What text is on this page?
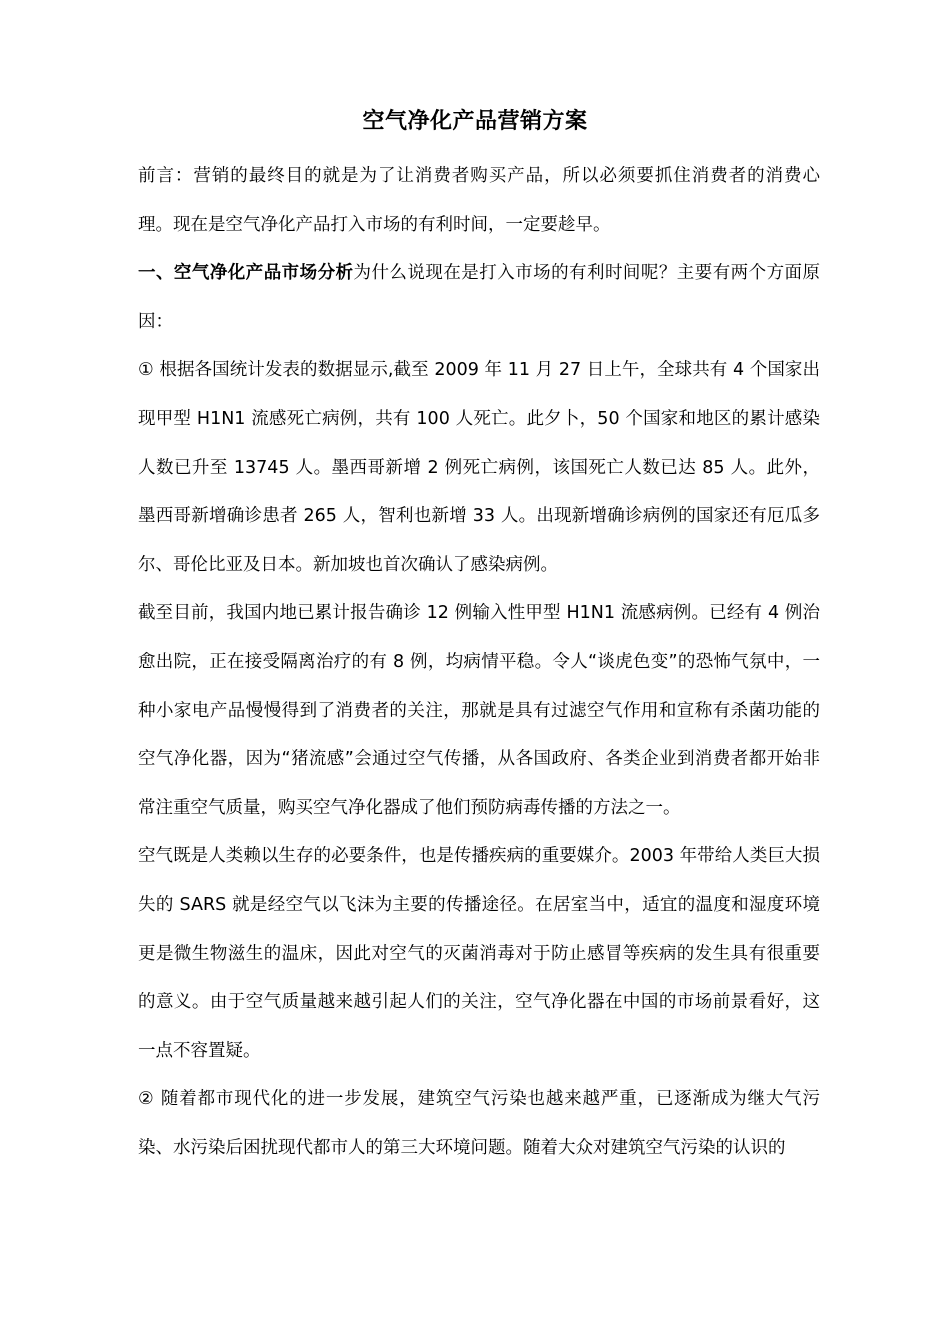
空气净化产品营销方案

前言：营销的最终目的就是为了让消费者购买产品，所以必须要抓住消费者的消费心理。现在是空气净化产品打入市场的有利时间，一定要趁早。

一、空气净化产品市场分析为什么说现在是打入市场的有利时间呢？主要有两个方面原因：

① 根据各国统计发表的数据显示,截至 2009 年 11 月 27 日上午，全球共有 4 个国家出现甲型 H1N1 流感死亡病例，共有 100 人死亡。此夕卜，50 个国家和地区的累计感染人数已升至 13745 人。墨西哥新增 2 例死亡病例，该国死亡人数已达 85 人。此外，墨西哥新增确诊患者 265 人，智利也新增 33 人。出现新增确诊病例的国家还有厄瓜多尔、哥伦比亚及日本。新加坡也首次确认了感染病例。

截至目前，我国内地已累计报告确诊 12 例输入性甲型 H1N1 流感病例。已经有 4 例治愈出院，正在接受隔离治疗的有 8 例，均病情平稳。令人“谈虎色变”的恐怖气氛中，一种小家电产品慢慢得到了消费者的关注，那就是具有过滤空气作用和宣称有杀菌功能的空气净化器，因为“猪流感”会通过空气传播，从各国政府、各类企业到消费者都开始非常注重空气质量，购买空气净化器成了他们预防病毒传播的方法之一。

空气既是人类赖以生存的必要条件，也是传播疾病的重要媒介。2003 年带给人类巨大损失的 SARS 就是经空气以飞沫为主要的传播途径。在居室当中，适宜的温度和湿度环境更是微生物滋生的温床，因此对空气的灭菌消毒对于防止感冒等疾病的发生具有很重要的意义。由于空气质量越来越引起人们的关注，空气净化器在中国的市场前景看好，这一点不容置疑。

② 随着都市现代化的进一步发展，建筑空气污染也越来越严重，已逐渐成为继大气污染、水污染后困扰现代都市人的第三大环境问题。随着大众对建筑空气污染的认识的
